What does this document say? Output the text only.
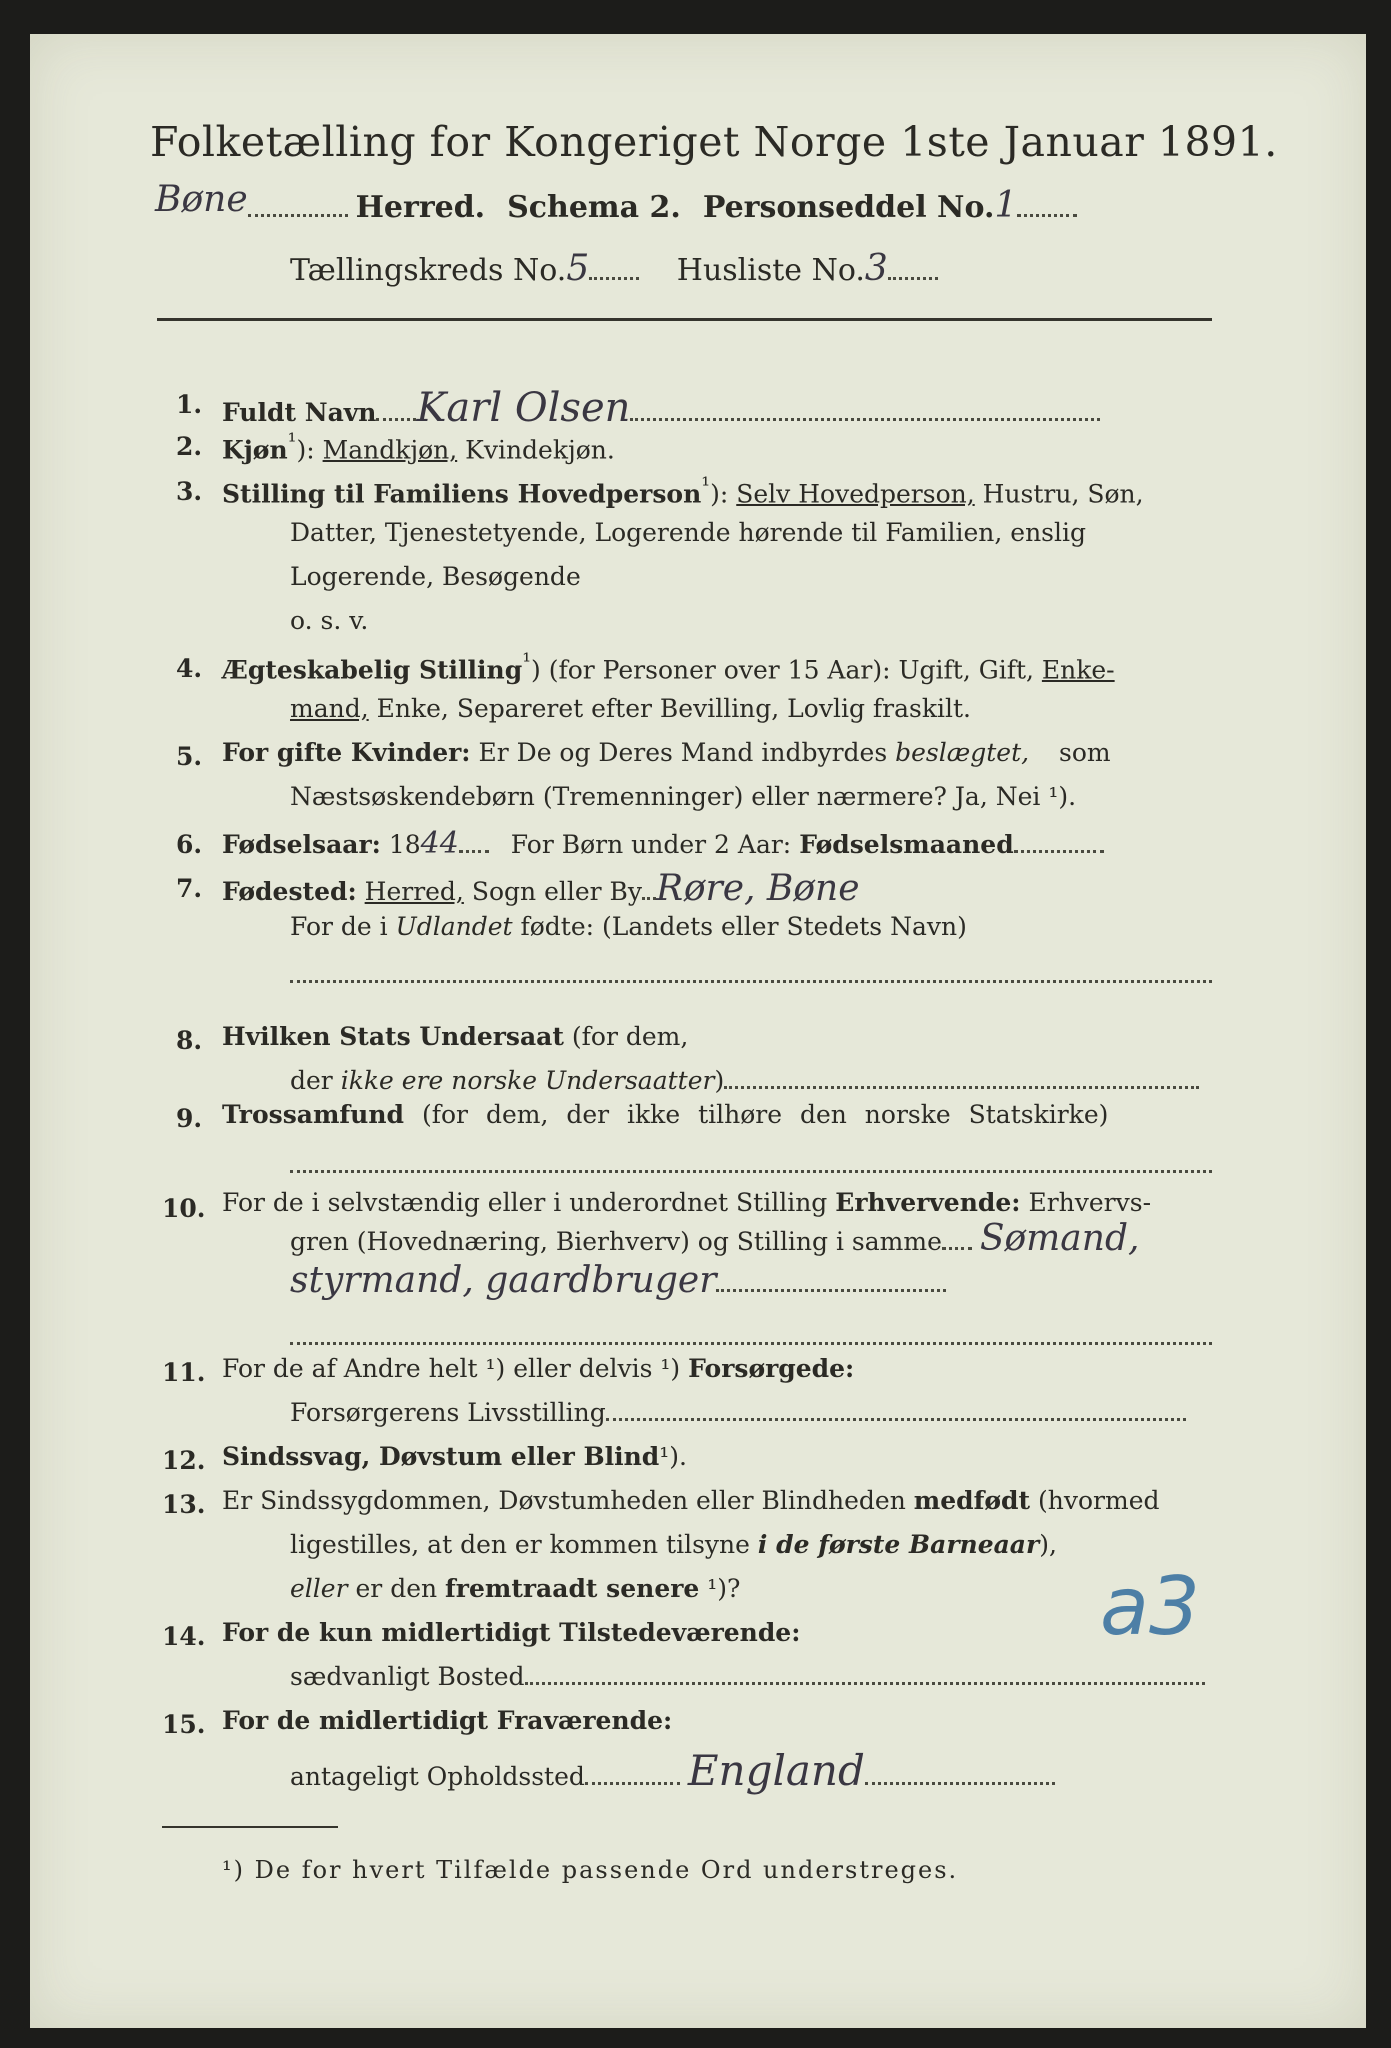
Folketælling for Kongeriget Norge 1ste Januar 1891.
Bøne	Herred. Schema 2. Personseddel No.1
Tællingskreds No.5	Husliste No.3
1. Fuldt Navn Karl Olsen
2. Kjøn$^{^1}$): Mandkjøn, Kvindekjøn.
3. Stilling til Familiens Hovedperson$^{^1}$): Selv Hovedperson, Hustru, Søn,
Datter, Tjenestetyende, Logerende hørende til Familien, enslig
Logerende, Besøgende
o. s. v.
4. Ægteskabelig Stilling$^{^1}$) (for Personer over 15 Aar): Ugift, Gift, Enke-
mand, Enke, Separeret efter Bevilling, Lovlig fraskilt.
5. For gifte Kvinder: Er De og Deres Mand indbyrdes beslægtet, som
Næstsøskendebørn (Tremenninger) eller nærmere? Ja, Nei ¹).
6. Fødselsaar: 1844 For Børn under 2 Aar: Fødselsmaaned
7. Fødested: Herred, Sogn eller By Røre, Bøne
For de i Udlandet fødte: (Landets eller Stedets Navn)
8. Hvilken Stats Undersaat (for dem,
der ikke ere norske Undersaatter)
9. Trossamfund (for dem, der ikke tilhøre den norske Statskirke)
10. For de i selvstændig eller i underordnet Stilling Erhvervende: Erhvervs-
gren (Hovednæring, Bierhverv) og Stilling i samme Sømand,
styrmand, gaardbruger
11. For de af Andre helt ¹) eller delvis ¹) Forsørgede:
Forsørgerens Livsstilling
12. Sindssvag, Døvstum eller Blind¹).
13. Er Sindssygdommen, Døvstumheden eller Blindheden medfødt (hvormed
ligestilles, at den er kommen tilsyne i de første Barneaar),
eller er den fremtraadt senere ¹)?
14. For de kun midlertidigt Tilstedeværende:
sædvanligt Bosted
a3
15. For de midlertidigt Fraværende:
antageligt Opholdssted England
¹) De for hvert Tilfælde passende Ord understreges.
